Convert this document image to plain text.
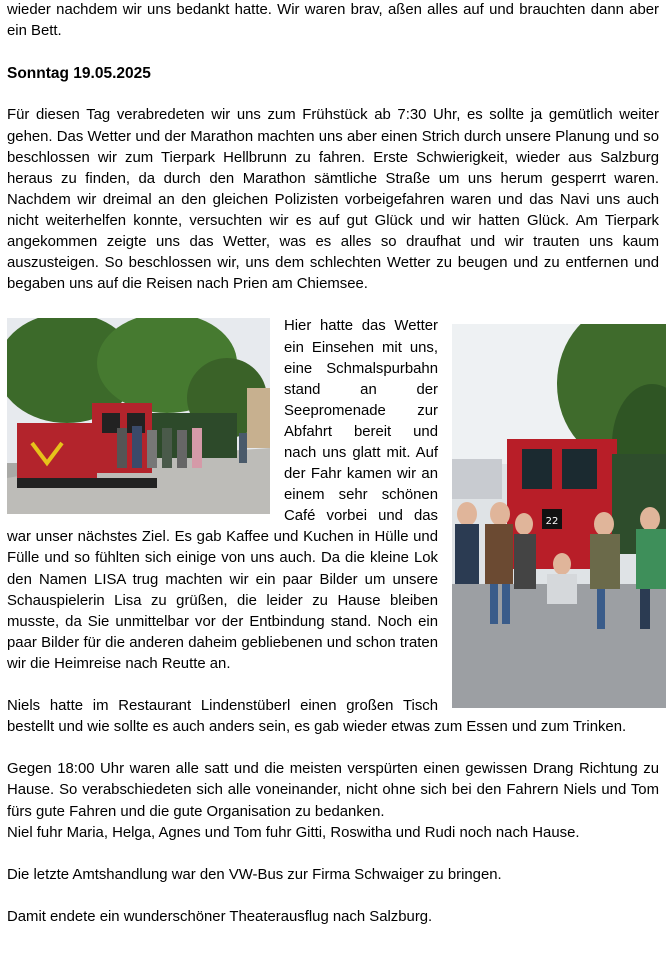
wieder nachdem wir uns bedankt hatte. Wir waren brav, aßen alles auf und brauchten dann aber ein Bett.

Sonntag 19.05.2025

Für diesen Tag verabredeten wir uns zum Frühstück ab 7:30 Uhr, es sollte ja gemütlich weiter gehen. Das Wetter und der Marathon machten uns aber einen Strich durch unsere Planung und so beschlossen wir zum Tierpark Hellbrunn zu fahren. Erste Schwierigkeit, wieder aus Salzburg heraus zu finden, da durch den Marathon sämtliche Straße um uns herum gesperrt waren. Nachdem wir dreimal an den gleichen Polizisten vorbeigefahren waren und das Navi uns auch nicht weiterhelfen konnte, versuchten wir es auf gut Glück und wir hatten Glück. Am Tierpark angekommen zeigte uns das Wetter, was es alles so draufhat und wir trauten uns kaum auszusteigen. So beschlossen wir, uns dem schlechten Wetter zu beugen und zu entfernen und begaben uns auf die Reisen nach Prien am Chiemsee.

22

Hier hatte das Wetter ein Einsehen mit uns, eine Schmalspurbahn stand an der Seepromenade zur Abfahrt bereit und nach uns glatt mit. Auf der Fahr kamen wir an einem sehr schönen Café vorbei und das war unser nächstes Ziel. Es gab Kaffee und Kuchen in Hülle und Fülle und so fühlten sich einige von uns auch. Da die kleine Lok den Namen LISA trug machten wir ein paar Bilder um unsere Schauspielerin Lisa zu grüßen, die leider zu Hause bleiben musste, da Sie unmittelbar vor der Entbindung stand. Noch ein paar Bilder für die anderen daheim gebliebenen und schon traten wir die Heimreise nach Reutte an.

Niels hatte im Restaurant Lindenstüberl einen großen Tisch bestellt und wie sollte es auch anders sein, es gab wieder etwas zum Essen und zum Trinken.

Gegen 18:00 Uhr waren alle satt und die meisten verspürten einen gewissen Drang Richtung zu Hause. So verabschiedeten sich alle voneinander, nicht ohne sich bei den Fahrern Niels und Tom fürs gute Fahren und die gute Organisation zu bedanken.

Niel fuhr Maria, Helga, Agnes und Tom fuhr Gitti, Roswitha und Rudi noch nach Hause.

Die letzte Amtshandlung war den VW-Bus zur Firma Schwaiger zu bringen.

Damit endete ein wunderschöner Theaterausflug nach Salzburg.
